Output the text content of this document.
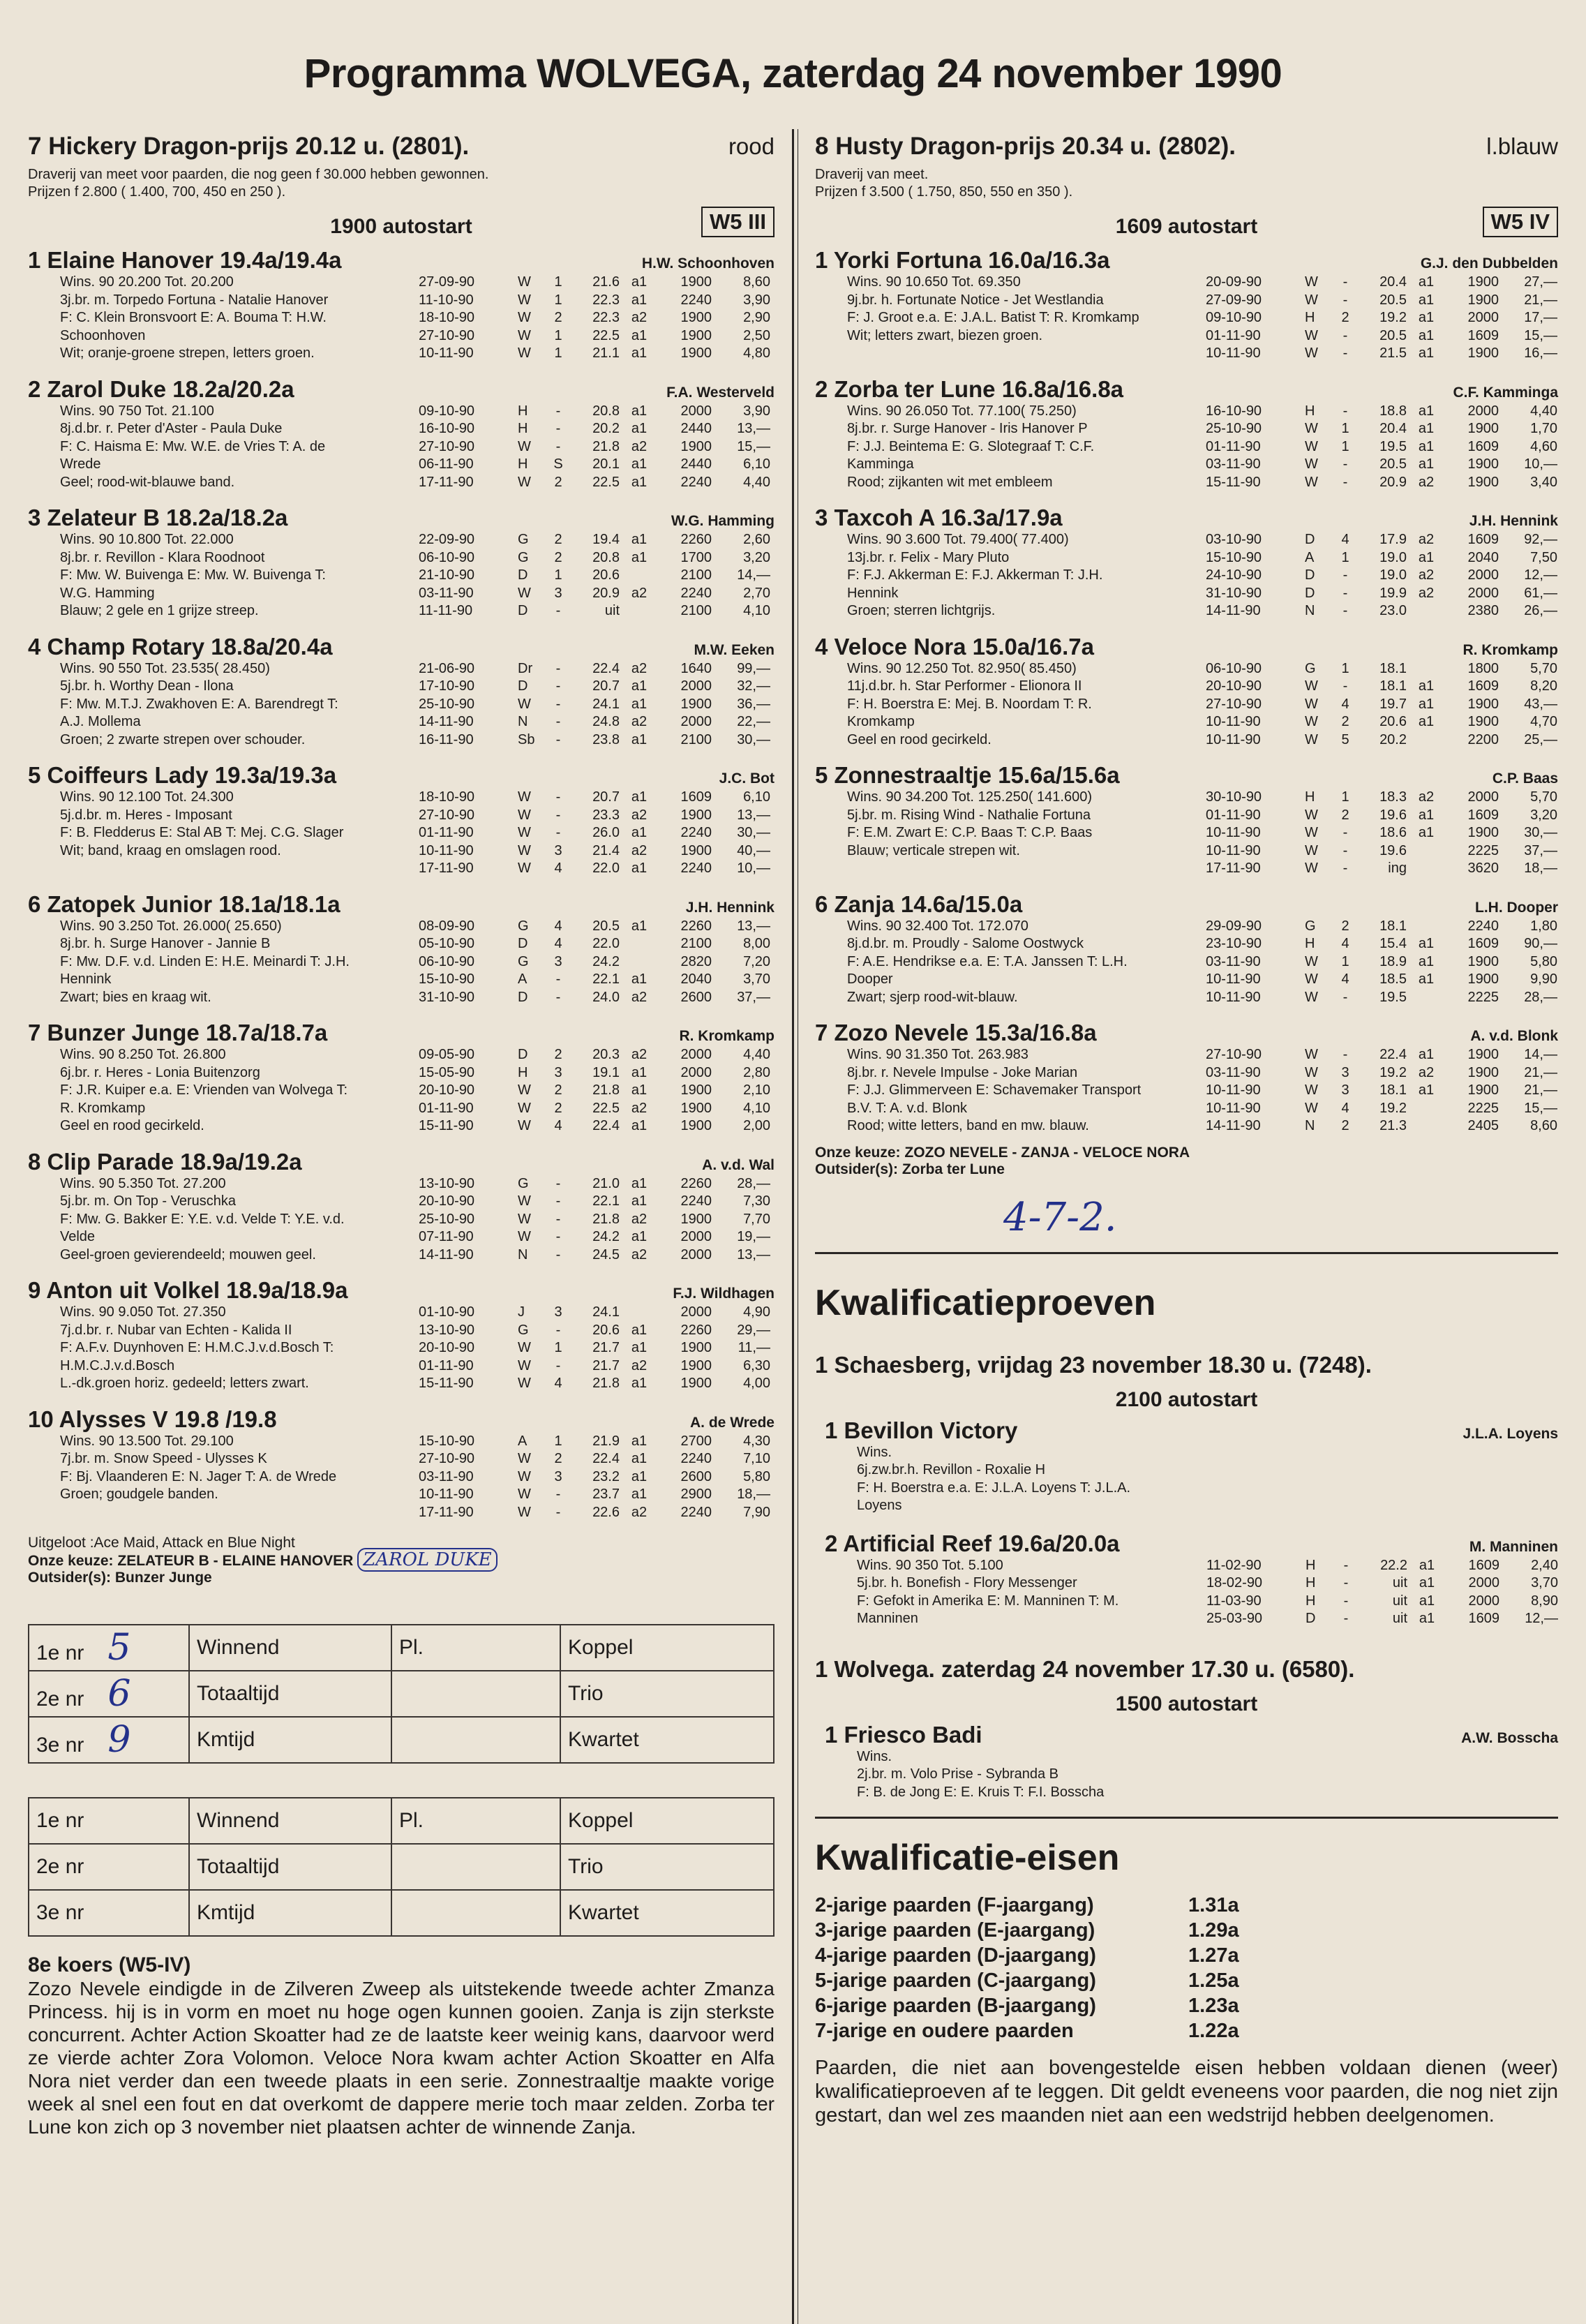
Programma WOLVEGA, zaterdag 24 november 1990
7 Hickery Dragon-prijs 20.12 u. (2801).	rood
Draverij van meet voor paarden, die nog geen f 30.000 hebben gewonnen.
Prijzen f 2.800 ( 1.400, 700, 450 en 250 ).
1900 autostart	W5 III
1 Elaine Hanover 19.4a/19.4a	H.W. Schoonhoven
Wins. 90 20.200 Tot. 20.200
3j.br. m. Torpedo Fortuna - Natalie Hanover
F: C. Klein Bronsvoort E: A. Bouma T: H.W.
Schoonhoven
Wit; oranje-groene strepen, letters groen.
27-09-90	W	1	21.6 a1	1900	8,60
11-10-90	W	1	22.3 a1	2240	3,90
18-10-90	W	2	22.3 a2	1900	2,90
27-10-90	W	1	22.5 a1	1900	2,50
10-11-90	W	1	21.1 a1	1900	4,80
2 Zarol Duke 18.2a/20.2a	F.A. Westerveld
Wins. 90 750 Tot. 21.100
8j.d.br. r. Peter d'Aster - Paula Duke
F: C. Haisma E: Mw. W.E. de Vries T: A. de
Wrede
Geel; rood-wit-blauwe band.
09-10-90	H	-	20.8 a1	2000	3,90
16-10-90	H	-	20.2 a1	2440	13,—
27-10-90	W	-	21.8 a2	1900	15,—
06-11-90	H	S	20.1 a1	2440	6,10
17-11-90	W	2	22.5 a1	2240	4,40
3 Zelateur B 18.2a/18.2a	W.G. Hamming
Wins. 90 10.800 Tot. 22.000
8j.br. r. Revillon - Klara Roodnoot
F: Mw. W. Buivenga E: Mw. W. Buivenga T:
W.G. Hamming
Blauw; 2 gele en 1 grijze streep.
22-09-90	G	2	19.4 a1	2260	2,60
06-10-90	G	2	20.8 a1	1700	3,20
21-10-90	D	1	20.6	2100	14,—
03-11-90	W	3	20.9 a2	2240	2,70
11-11-90	D	-	uit	2100	4,10
4 Champ Rotary 18.8a/20.4a	M.W. Eeken
Wins. 90 550 Tot. 23.535( 28.450)
5j.br. h. Worthy Dean - Ilona
F: Mw. M.T.J. Zwakhoven E: A. Barendregt T:
A.J. Mollema
Groen; 2 zwarte strepen over schouder.
21-06-90	Dr	-	22.4 a2	1640	99,—
17-10-90	D	-	20.7 a1	2000	32,—
25-10-90	W	-	24.1 a1	1900	36,—
14-11-90	N	-	24.8 a2	2000	22,—
16-11-90	Sb	-	23.8 a1	2100	30,—
5 Coiffeurs Lady 19.3a/19.3a	J.C. Bot
Wins. 90 12.100 Tot. 24.300
5j.d.br. m. Heres - Imposant
F: B. Fledderus E: Stal AB T: Mej. C.G. Slager
Wit; band, kraag en omslagen rood.
18-10-90	W	-	20.7 a1	1609	6,10
27-10-90	W	-	23.3 a2	1900	13,—
01-11-90	W	-	26.0 a1	2240	30,—
10-11-90	W	3	21.4 a2	1900	40,—
17-11-90	W	4	22.0 a1	2240	10,—
6 Zatopek Junior 18.1a/18.1a	J.H. Hennink
Wins. 90 3.250 Tot. 26.000( 25.650)
8j.br. h. Surge Hanover - Jannie B
F: Mw. D.F. v.d. Linden E: H.E. Meinardi T: J.H.
Hennink
Zwart; bies en kraag wit.
08-09-90	G	4	20.5 a1	2260	13,—
05-10-90	D	4	22.0	2100	8,00
06-10-90	G	3	24.2	2820	7,20
15-10-90	A	-	22.1 a1	2040	3,70
31-10-90	D	-	24.0 a2	2600	37,—
7 Bunzer Junge 18.7a/18.7a	R. Kromkamp
Wins. 90 8.250 Tot. 26.800
6j.br. r. Heres - Lonia Buitenzorg
F: J.R. Kuiper e.a. E: Vrienden van Wolvega T:
R. Kromkamp
Geel en rood gecirkeld.
09-05-90	D	2	20.3 a2	2000	4,40
15-05-90	H	3	19.1 a1	2000	2,80
20-10-90	W	2	21.8 a1	1900	2,10
01-11-90	W	2	22.5 a2	1900	4,10
15-11-90	W	4	22.4 a1	1900	2,00
8 Clip Parade 18.9a/19.2a	A. v.d. Wal
Wins. 90 5.350 Tot. 27.200
5j.br. m. On Top - Veruschka
F: Mw. G. Bakker E: Y.E. v.d. Velde T: Y.E. v.d.
Velde
Geel-groen gevierendeeld; mouwen geel.
13-10-90	G	-	21.0 a1	2260	28,—
20-10-90	W	-	22.1 a1	2240	7,30
25-10-90	W	-	21.8 a2	1900	7,70
07-11-90	W	-	24.2 a1	2000	19,—
14-11-90	N	-	24.5 a2	2000	13,—
9 Anton uit Volkel 18.9a/18.9a	F.J. Wildhagen
Wins. 90 9.050 Tot. 27.350
7j.d.br. r. Nubar van Echten - Kalida II
F: A.F.v. Duynhoven E: H.M.C.J.v.d.Bosch T:
H.M.C.J.v.d.Bosch
L.-dk.groen horiz. gedeeld; letters zwart.
01-10-90	J	3	24.1	2000	4,90
13-10-90	G	-	20.6 a1	2260	29,—
20-10-90	W	1	21.7 a1	1900	11,—
01-11-90	W	-	21.7 a2	1900	6,30
15-11-90	W	4	21.8 a1	1900	4,00
10 Alysses V 19.8 /19.8	A. de Wrede
Wins. 90 13.500 Tot. 29.100
7j.br. m. Snow Speed - Ulysses K
F: Bj. Vlaanderen E: N. Jager T: A. de Wrede
Groen; goudgele banden.
15-10-90	A	1	21.9 a1	2700	4,30
27-10-90	W	2	22.4 a1	2240	7,10
03-11-90	W	3	23.2 a1	2600	5,80
10-11-90	W	-	23.7 a1	2900	18,—
17-11-90	W	-	22.6 a2	2240	7,90
Uitgeloot :Ace Maid, Attack en Blue Night
Onze keuze: ZELATEUR B - ELAINE HANOVER ZAROL DUKE
Outsider(s): Bunzer Junge
1e nr 5	Winnend	Pl.	Koppel
2e nr 6	Totaaltijd		Trio
3e nr 9	Kmtijd		Kwartet
1e nr	Winnend	Pl.	Koppel
2e nr	Totaaltijd		Trio
3e nr	Kmtijd		Kwartet
8e koers (W5-IV)
Zozo Nevele eindigde in de Zilveren Zweep als uitstekende tweede achter Zmanza Princess. hij is in vorm en moet nu hoge ogen kunnen gooien. Zanja is zijn sterkste concurrent. Achter Action Skoatter had ze de laatste keer weinig kans, daarvoor werd ze vierde achter Zora Volomon. Veloce Nora kwam achter Action Skoatter en Alfa Nora niet verder dan een tweede plaats in een serie. Zonnestraaltje maakte vorige week al snel een fout en dat overkomt de dappere merie toch maar zelden. Zorba ter Lune kon zich op 3 november niet plaatsen achter de winnende Zanja.
8 Husty Dragon-prijs 20.34 u. (2802).	l.blauw
Draverij van meet.
Prijzen f 3.500 ( 1.750, 850, 550 en 350 ).
1609 autostart	W5 IV
1 Yorki Fortuna 16.0a/16.3a	G.J. den Dubbelden
Wins. 90 10.650 Tot. 69.350
9j.br. h. Fortunate Notice - Jet Westlandia
F: J. Groot e.a. E: J.A.L. Batist T: R. Kromkamp
Wit; letters zwart, biezen groen.
20-09-90	W	-	20.4 a1	1900	27,—
27-09-90	W	-	20.5 a1	1900	21,—
09-10-90	H	2	19.2 a1	2000	17,—
01-11-90	W	-	20.5 a1	1609	15,—
10-11-90	W	-	21.5 a1	1900	16,—
2 Zorba ter Lune 16.8a/16.8a	C.F. Kamminga
Wins. 90 26.050 Tot. 77.100( 75.250)
8j.br. r. Surge Hanover - Iris Hanover P
F: J.J. Beintema E: G. Slotegraaf T: C.F.
Kamminga
Rood; zijkanten wit met embleem
16-10-90	H	-	18.8 a1	2000	4,40
25-10-90	W	1	20.4 a1	1900	1,70
01-11-90	W	1	19.5 a1	1609	4,60
03-11-90	W	-	20.5 a1	1900	10,—
15-11-90	W	-	20.9 a2	1900	3,40
3 Taxcoh A 16.3a/17.9a	J.H. Hennink
Wins. 90 3.600 Tot. 79.400( 77.400)
13j.br. r. Felix - Mary Pluto
F: F.J. Akkerman E: F.J. Akkerman T: J.H.
Hennink
Groen; sterren lichtgrijs.
03-10-90	D	4	17.9 a2	1609	92,—
15-10-90	A	1	19.0 a1	2040	7,50
24-10-90	D	-	19.0 a2	2000	12,—
31-10-90	D	-	19.9 a2	2000	61,—
14-11-90	N	-	23.0	2380	26,—
4 Veloce Nora 15.0a/16.7a	R. Kromkamp
Wins. 90 12.250 Tot. 82.950( 85.450)
11j.d.br. h. Star Performer - Elionora II
F: H. Boerstra E: Mej. B. Noordam T: R.
Kromkamp
Geel en rood gecirkeld.
06-10-90	G	1	18.1	1800	5,70
20-10-90	W	-	18.1 a1	1609	8,20
27-10-90	W	4	19.7 a1	1900	43,—
10-11-90	W	2	20.6 a1	1900	4,70
10-11-90	W	5	20.2	2200	25,—
5 Zonnestraaltje 15.6a/15.6a	C.P. Baas
Wins. 90 34.200 Tot. 125.250( 141.600)
5j.br. m. Rising Wind - Nathalie Fortuna
F: E.M. Zwart E: C.P. Baas T: C.P. Baas
Blauw; verticale strepen wit.
30-10-90	H	1	18.3 a2	2000	5,70
01-11-90	W	2	19.6 a1	1609	3,20
10-11-90	W	-	18.6 a1	1900	30,—
10-11-90	W	-	19.6	2225	37,—
17-11-90	W	-	ing	3620	18,—
6 Zanja 14.6a/15.0a	L.H. Dooper
Wins. 90 32.400 Tot. 172.070
8j.d.br. m. Proudly - Salome Oostwyck
F: A.E. Hendrikse e.a. E: T.A. Janssen T: L.H.
Dooper
Zwart; sjerp rood-wit-blauw.
29-09-90	G	2	18.1	2240	1,80
23-10-90	H	4	15.4 a1	1609	90,—
03-11-90	W	1	18.9 a1	1900	5,80
10-11-90	W	4	18.5 a1	1900	9,90
10-11-90	W	-	19.5	2225	28,—
7 Zozo Nevele 15.3a/16.8a	A. v.d. Blonk
Wins. 90 31.350 Tot. 263.983
8j.br. r. Nevele Impulse - Joke Marian
F: J.J. Glimmerveen E: Schavemaker Transport
B.V. T: A. v.d. Blonk
Rood; witte letters, band en mw. blauw.
27-10-90	W	-	22.4 a1	1900	14,—
03-11-90	W	3	19.2 a2	1900	21,—
10-11-90	W	3	18.1 a1	1900	21,—
10-11-90	W	4	19.2	2225	15,—
14-11-90	N	2	21.3	2405	8,60
Onze keuze: ZOZO NEVELE - ZANJA - VELOCE NORA
Outsider(s): Zorba ter Lune
4-7-2.
Kwalificatieproeven
1 Schaesberg, vrijdag 23 november 18.30 u. (7248).
2100 autostart
1 Bevillon Victory	J.L.A. Loyens
Wins.
6j.zw.br.h. Revillon - Roxalie H
F: H. Boerstra e.a. E: J.L.A. Loyens T: J.L.A.
Loyens
2 Artificial Reef 19.6a/20.0a	M. Manninen
Wins. 90 350 Tot. 5.100
5j.br. h. Bonefish - Flory Messenger
F: Gefokt in Amerika E: M. Manninen T: M.
Manninen
11-02-90	H	-	22.2 a1	1609	2,40
18-02-90	H	-	uit a1	2000	3,70
11-03-90	H	-	uit a1	2000	8,90
25-03-90	D	-	uit a1	1609	12,—
1 Wolvega. zaterdag 24 november 17.30 u. (6580).
1500 autostart
1 Friesco Badi	A.W. Bosscha
Wins.
2j.br. m. Volo Prise - Sybranda B
F: B. de Jong E: E. Kruis T: F.I. Bosscha
Kwalificatie-eisen
2-jarige paarden (F-jaargang)	1.31a
3-jarige paarden (E-jaargang)	1.29a
4-jarige paarden (D-jaargang)	1.27a
5-jarige paarden (C-jaargang)	1.25a
6-jarige paarden (B-jaargang)	1.23a
7-jarige en oudere paarden	1.22a
Paarden, die niet aan bovengestelde eisen hebben voldaan dienen (weer) kwalificatieproeven af te leggen. Dit geldt eveneens voor paarden, die nog niet zijn gestart, dan wel zes maanden niet aan een wedstrijd hebben deelgenomen.
